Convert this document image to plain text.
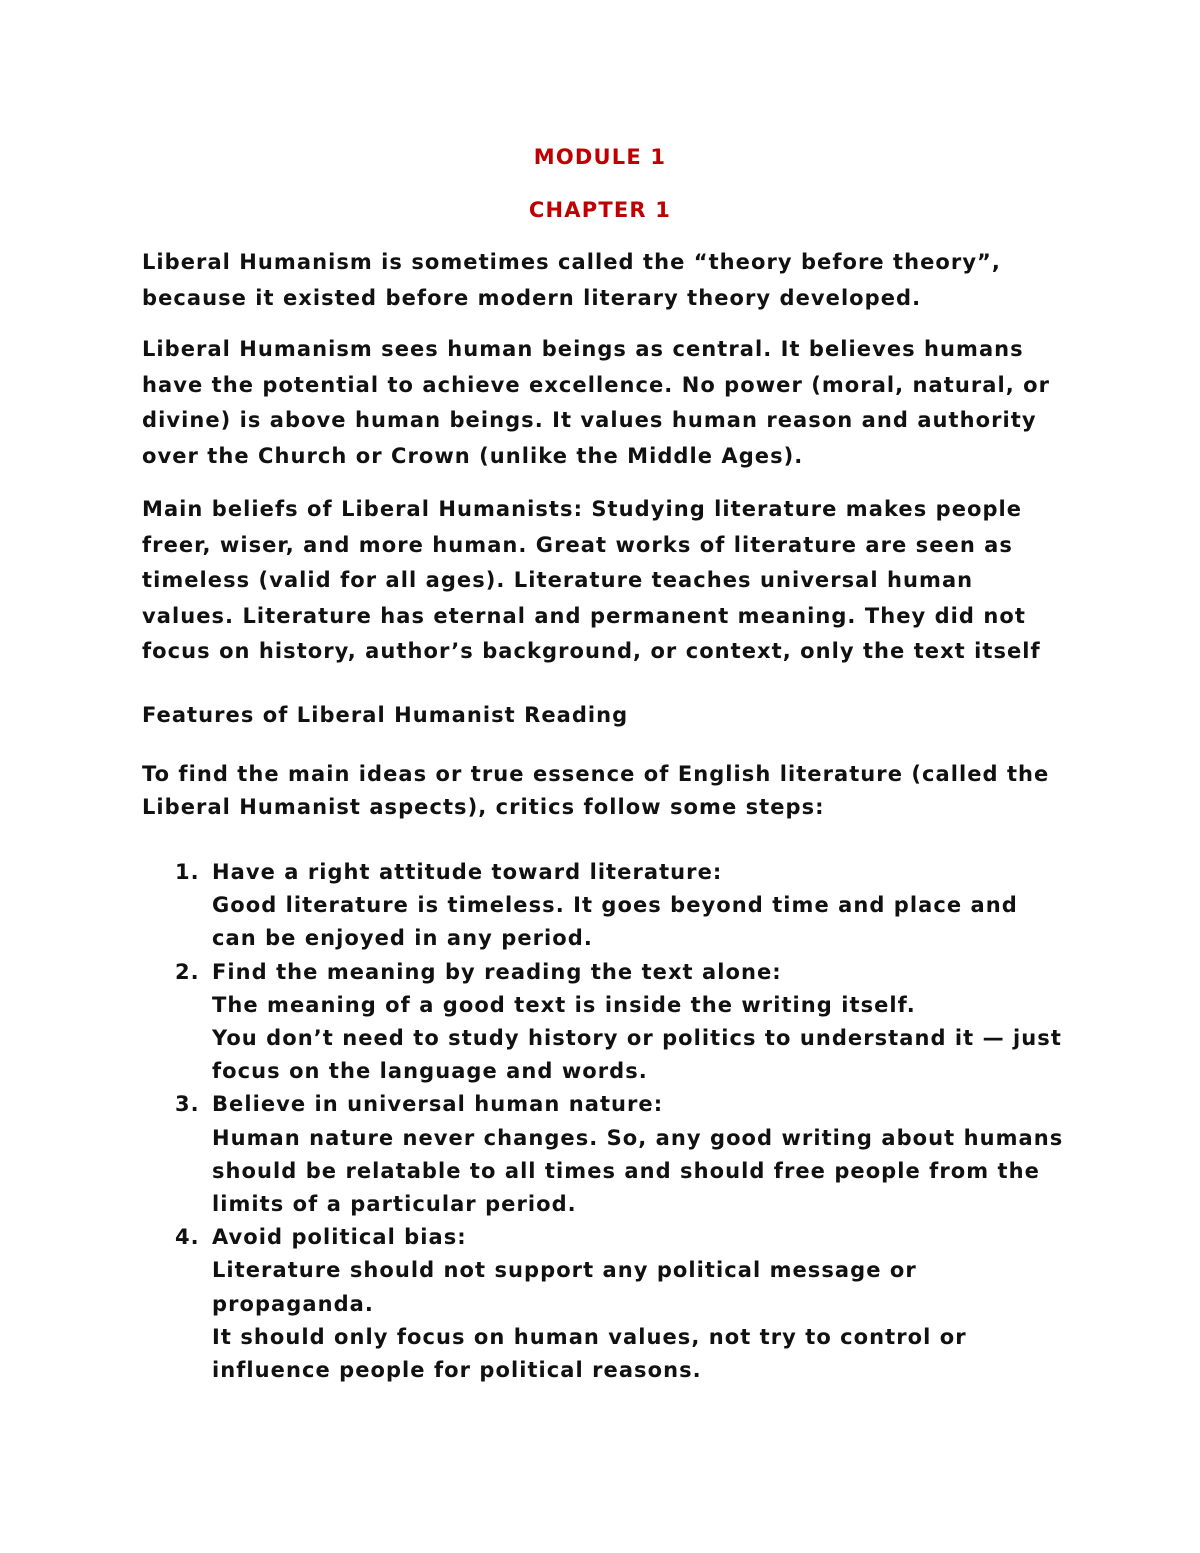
MODULE 1
CHAPTER 1
Liberal Humanism is sometimes called the “theory before theory”,
because it existed before modern literary theory developed.
Liberal Humanism sees human beings as central. It believes humans
have the potential to achieve excellence. No power (moral, natural, or
divine) is above human beings. It values human reason and authority
over the Church or Crown (unlike the Middle Ages).
Main beliefs of Liberal Humanists: Studying literature makes people
freer, wiser, and more human. Great works of literature are seen as
timeless (valid for all ages). Literature teaches universal human
values. Literature has eternal and permanent meaning. They did not
focus on history, author’s background, or context, only the text itself
Features of Liberal Humanist Reading
To find the main ideas or true essence of English literature (called the
Liberal Humanist aspects), critics follow some steps:
1. Have a right attitude toward literature:
Good literature is timeless. It goes beyond time and place and
can be enjoyed in any period.
2. Find the meaning by reading the text alone:
The meaning of a good text is inside the writing itself.
You don’t need to study history or politics to understand it — just
focus on the language and words.
3. Believe in universal human nature:
Human nature never changes. So, any good writing about humans
should be relatable to all times and should free people from the
limits of a particular period.
4. Avoid political bias:
Literature should not support any political message or
propaganda.
It should only focus on human values, not try to control or
influence people for political reasons.
